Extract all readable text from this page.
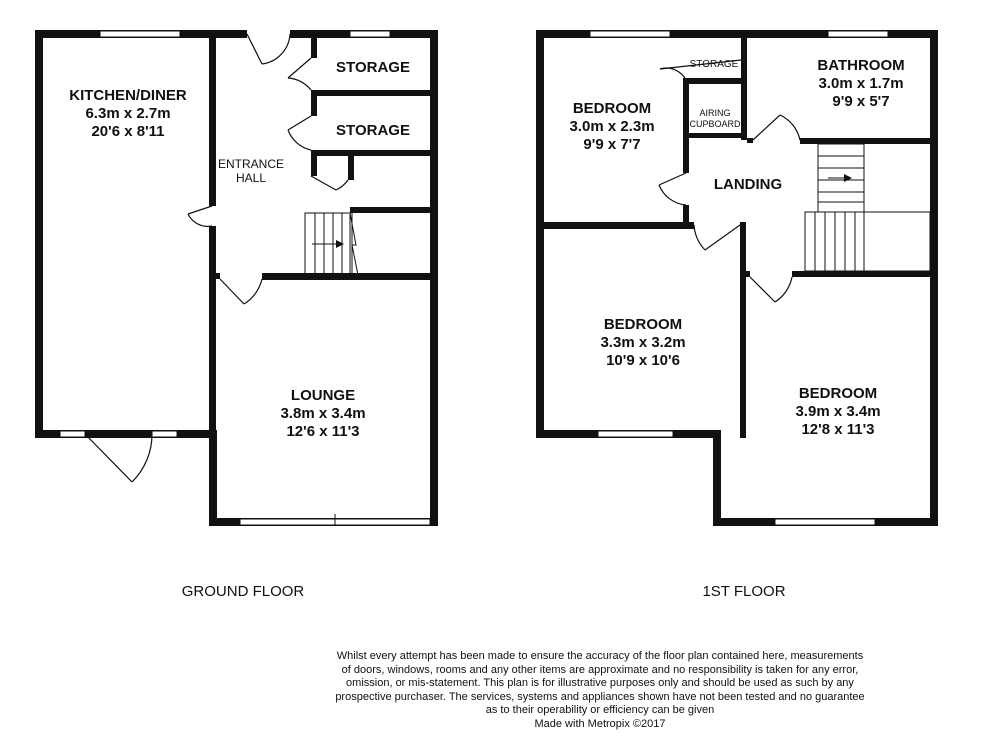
KITCHEN/DINER
6.3m x 2.7m
20'6 x 8'11
STORAGE
STORAGE
ENTRANCE
HALL
LOUNGE
3.8m x 3.4m
12'6 x 11'3
GROUND FLOOR
BEDROOM
3.0m x 2.3m
9'9 x 7'7
STORAGE	BATHROOM
3.0m x 1.7m
9'9 x 5'7
AIRING
CUPBOARD
LANDING
BEDROOM
3.3m x 3.2m
10'9 x 10'6
BEDROOM
3.9m x 3.4m
12'8 x 11'3
1ST FLOOR
Whilst every attempt has been made to ensure the accuracy of the floor plan contained here, measurements
of doors, windows, rooms and any other items are approximate and no responsibility is taken for any error,
omission, or mis-statement. This plan is for illustrative purposes only and should be used as such by any
prospective purchaser. The services, systems and appliances shown have not been tested and no guarantee
as to their operability or efficiency can be given
Made with Metropix ©2017
